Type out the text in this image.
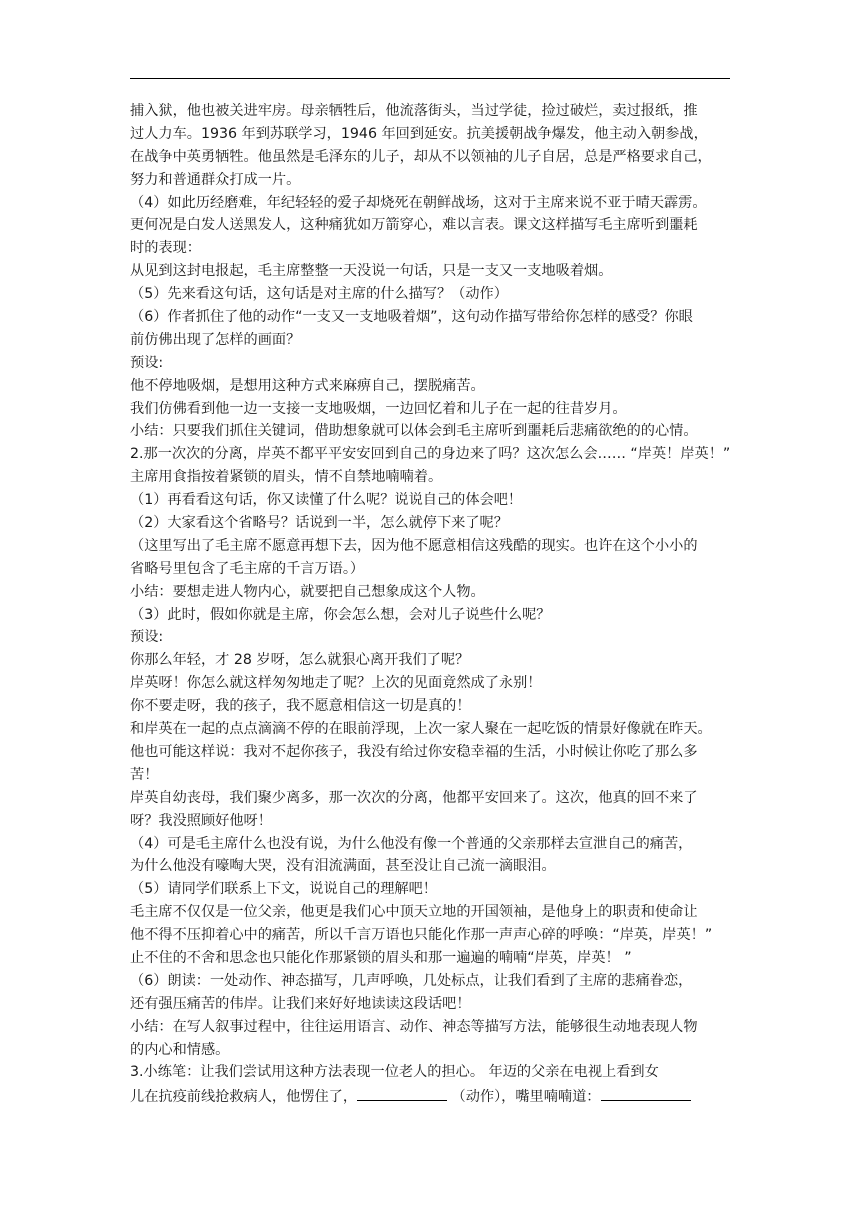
捕入狱，他也被关进牢房。母亲牺牲后，他流落街头，当过学徒，捡过破烂，卖过报纸，推
过人力车。1936 年到苏联学习，1946 年回到延安。抗美援朝战争爆发，他主动入朝参战，
在战争中英勇牺牲。他虽然是毛泽东的儿子，却从不以领袖的儿子自居，总是严格要求自己，
努力和普通群众打成一片。
（4）如此历经磨难，年纪轻轻的爱子却烧死在朝鲜战场，这对于主席来说不亚于晴天霹雳。
更何况是白发人送黑发人，这种痛犹如万箭穿心，难以言表。课文这样描写毛主席听到噩耗
时的表现：
从见到这封电报起，毛主席整整一天没说一句话，只是一支又一支地吸着烟。
（5）先来看这句话，这句话是对主席的什么描写？（动作）
（6）作者抓住了他的动作“一支又一支地吸着烟”，这句动作描写带给你怎样的感受？你眼
前仿佛出现了怎样的画面？
预设:
他不停地吸烟，是想用这种方式来麻痹自己，摆脱痛苦。
我们仿佛看到他一边一支接一支地吸烟，一边回忆着和儿子在一起的往昔岁月。
小结：只要我们抓住关键词，借助想象就可以体会到毛主席听到噩耗后悲痛欲绝的的心情。
2.那一次次的分离，岸英不都平平安安回到自己的身边来了吗？这次怎么会…… “岸英！岸英！”
主席用食指按着紧锁的眉头，情不自禁地喃喃着。
（1）再看看这句话，你又读懂了什么呢？说说自己的体会吧！
（2）大家看这个省略号？话说到一半，怎么就停下来了呢？
（这里写出了毛主席不愿意再想下去，因为他不愿意相信这残酷的现实。也许在这个小小的
省略号里包含了毛主席的千言万语。）
小结：要想走进人物内心，就要把自己想象成这个人物。
（3）此时，假如你就是主席，你会怎么想，会对儿子说些什么呢？
预设:
你那么年轻，才 28 岁呀，怎么就狠心离开我们了呢？
岸英呀！你怎么就这样匆匆地走了呢？上次的见面竟然成了永别！
你不要走呀，我的孩子，我不愿意相信这一切是真的！
和岸英在一起的点点滴滴不停的在眼前浮现，上次一家人聚在一起吃饭的情景好像就在昨天。
他也可能这样说：我对不起你孩子，我没有给过你安稳幸福的生活，小时候让你吃了那么多
苦！
岸英自幼丧母，我们聚少离多，那一次次的分离，他都平安回来了。这次，他真的回不来了
呀？我没照顾好他呀！
（4）可是毛主席什么也没有说，为什么他没有像一个普通的父亲那样去宣泄自己的痛苦，
为什么他没有嚎啕大哭，没有泪流满面，甚至没让自己流一滴眼泪。
（5）请同学们联系上下文，说说自己的理解吧！
毛主席不仅仅是一位父亲，他更是我们心中顶天立地的开国领袖，是他身上的职责和使命让
他不得不压抑着心中的痛苦，所以千言万语也只能化作那一声声心碎的呼唤：“岸英，岸英！”
止不住的不舍和思念也只能化作那紧锁的眉头和那一遍遍的喃喃“岸英，岸英！ ”
（6）朗读：一处动作、神态描写，几声呼唤，几处标点，让我们看到了主席的悲痛眷恋，
还有强压痛苦的伟岸。让我们来好好地读读这段话吧！
小结：在写人叙事过程中，往往运用语言、动作、神态等描写方法，能够很生动地表现人物
的内心和情感。
3.小练笔：让我们尝试用这种方法表现一位老人的担心。 年迈的父亲在电视上看到女
儿在抗疫前线抢救病人，他愣住了，	（动作），嘴里喃喃道：
